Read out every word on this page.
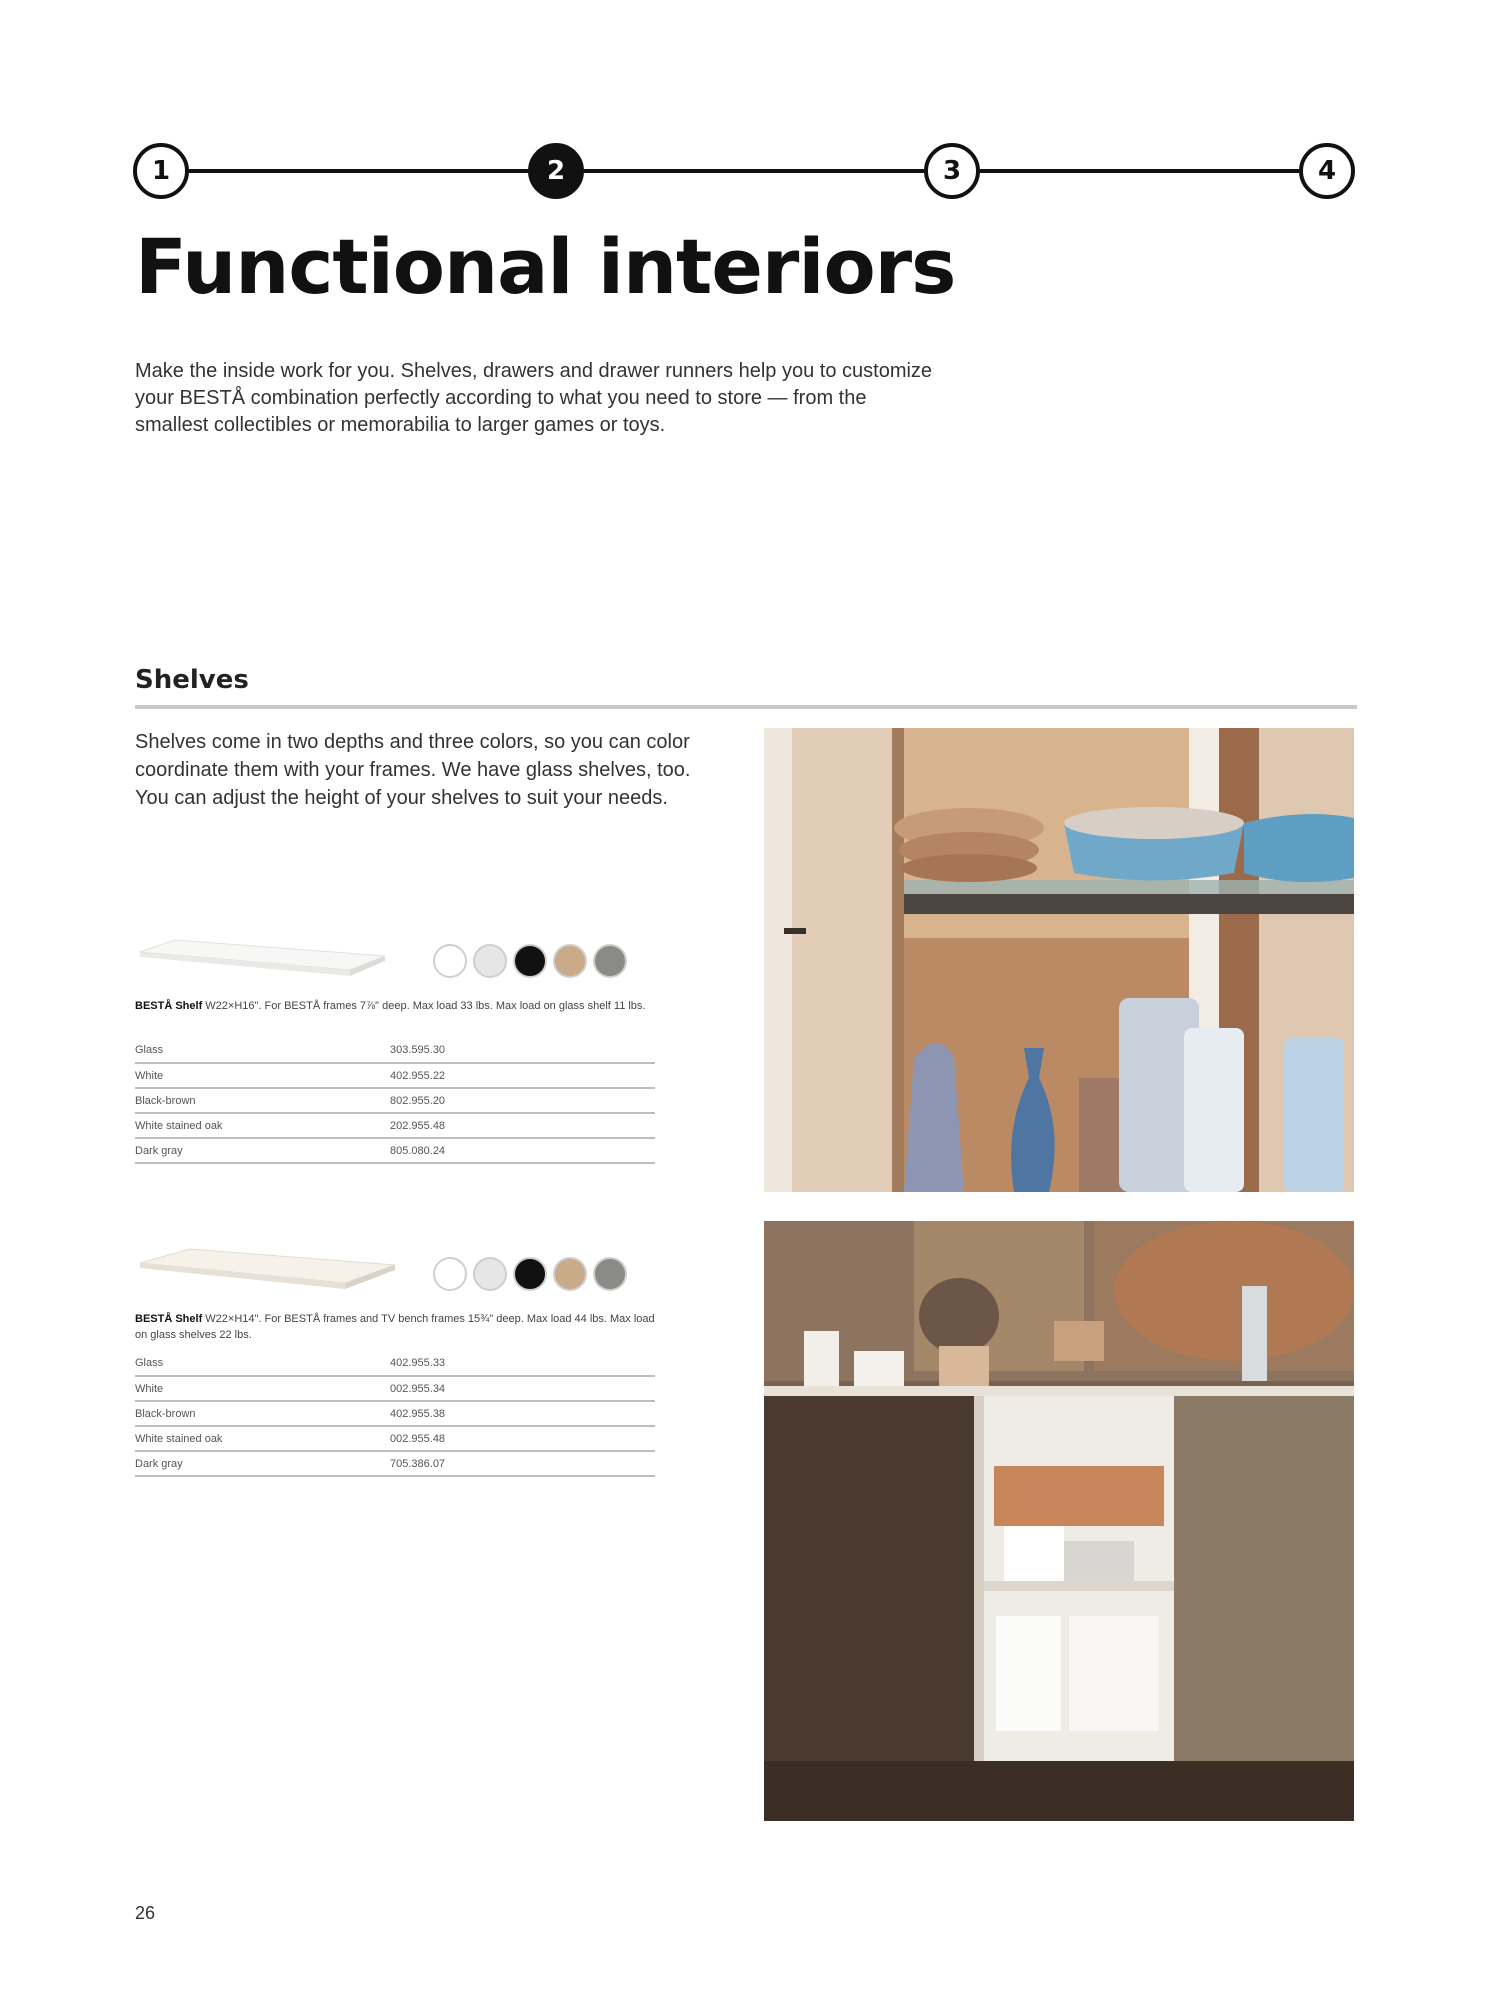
1	2	3	4
Functional interiors

Make the inside work for you. Shelves, drawers and drawer runners help you to customize your BESTÅ combination perfectly according to what you need to store — from the smallest collectibles or memorabilia to larger games or toys.

Shelves

Shelves come in two depths and three colors, so you can color coordinate them with your frames. We have glass shelves, too. You can adjust the height of your shelves to suit your needs.

BESTÅ Shelf W22×H16". For BESTÅ frames 7⅞" deep. Max load 33 lbs. Max load on glass shelf 11 lbs.

Glass	303.595.30
White	402.955.22
Black-brown	802.955.20
White stained oak	202.955.48
Dark gray	805.080.24

BESTÅ Shelf W22×H14". For BESTÅ frames and TV bench frames 15¾" deep. Max load 44 lbs. Max load on glass shelves 22 lbs.

Glass	402.955.33
White	002.955.34
Black-brown	402.955.38
White stained oak	002.955.48
Dark gray	705.386.07
26
